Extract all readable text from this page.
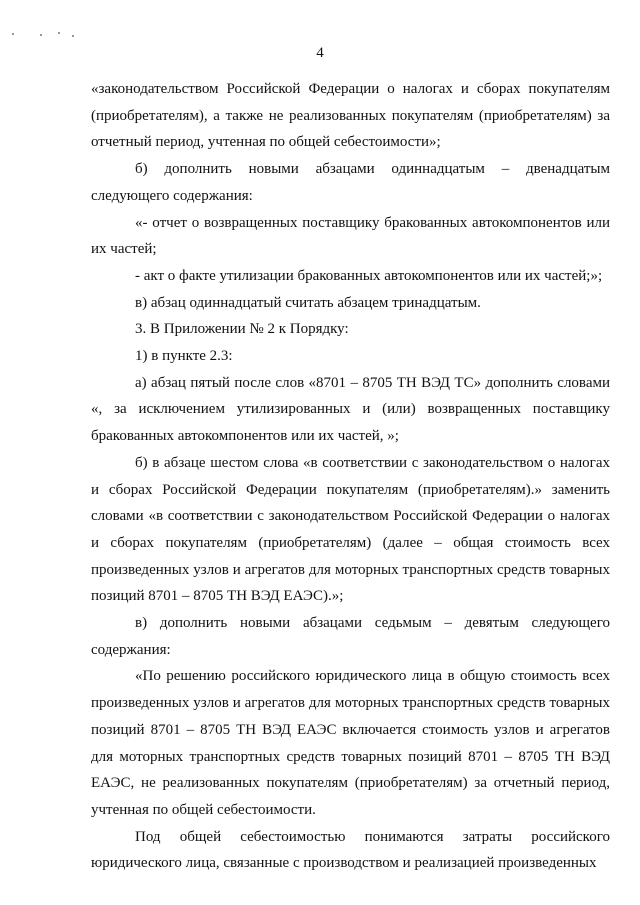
4

«законодательством Российской Федерации о налогах и сборах покупателям (приобретателям), а также не реализованных покупателям (приобретателям) за отчетный период, учтенная по общей себестоимости»;

б) дополнить новыми абзацами одиннадцатым – двенадцатым следующего содержания:

«- отчет о возвращенных поставщику бракованных автокомпонентов или их частей;

- акт о факте утилизации бракованных автокомпонентов или их частей;»;

в) абзац одиннадцатый считать абзацем тринадцатым.

3. В Приложении № 2 к Порядку:

1) в пункте 2.3:

а) абзац пятый после слов «8701 – 8705 ТН ВЭД ТС» дополнить словами «, за исключением утилизированных и (или) возвращенных поставщику бракованных автокомпонентов или их частей, »;

б) в абзаце шестом слова «в соответствии с законодательством о налогах и сборах Российской Федерации покупателям (приобретателям).» заменить словами «в соответствии с законодательством Российской Федерации о налогах и сборах покупателям (приобретателям) (далее – общая стоимость всех произведенных узлов и агрегатов для моторных транспортных средств товарных позиций 8701 – 8705 ТН ВЭД ЕАЭС).»;

в) дополнить новыми абзацами седьмым – девятым следующего содержания:

«По решению российского юридического лица в общую стоимость всех произведенных узлов и агрегатов для моторных транспортных средств товарных позиций 8701 – 8705 ТН ВЭД ЕАЭС включается стоимость узлов и агрегатов для моторных транспортных средств товарных позиций 8701 – 8705 ТН ВЭД ЕАЭС, не реализованных покупателям (приобретателям) за отчетный период, учтенная по общей себестоимости.

Под общей себестоимостью понимаются затраты российского юридического лица, связанные с производством и реализацией произведенных
